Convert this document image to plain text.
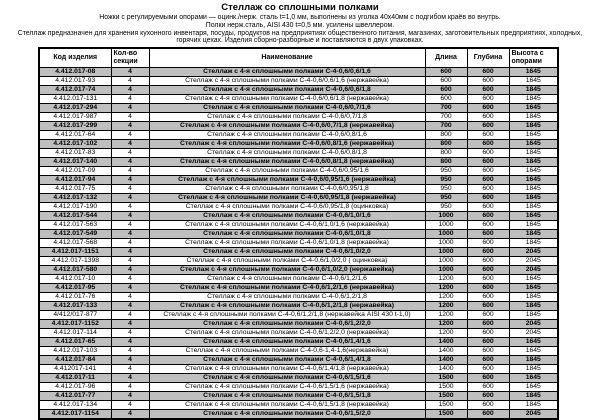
Стеллаж со сплошными полками
Ножки с регулируемыми опорами — оцинк./нерж. сталь t=1,0 мм, выполнены из уголка 40х40мм с подгибом краёв во внутрь.
Полки нерж.сталь, AISI 430 t=0,5 мм. усилены швеллером.
Стеллаж предназначен для хранения кухонного инвентаря, посуды, продуктов на предприятиях общественного питания, магазинах, заготовительных предприятиях, холодных,
горячих цехах. Изделия сборно-разборные и поставляются в двух упаковках.
Код изделия	Кол-во секции	Наименование	Длина	Глубина	Высота с опорами
4.412.017-08	4	Стеллаж с 4-я сплошными полками С-4-0,6/0,6/1,6	600	600	1645
4.412.017-93	4	Стеллаж с 4-я сплошными полками С-4-0,6/0,6/1,6 (нержавейка)	600	600	1645
4.412.017-74	4	Стеллаж с 4-я сплошными полками С-4-0,6/0,6/1,8	600	600	1845
4.412.017-131	4	Стеллаж с 4-я сплошными полками С-4-0,6/0,6/1,8 (нержавейка)	600	600	1845
4.412.017-294	4	Стеллаж с 4-я сплошными полками С-4-0,6/0,7/1,6	700	600	1645
4.412.017-987	4	Стеллаж с 4-я сплошными полками С-4-0,6/0,7/1,8	700	600	1845
4.412.017-299	4	Стеллаж с 4-я сплошными полками С-4-0,6/0,7/1,8 (нержавейка)	700	600	1845
4.412.017-64	4	Стеллаж с 4-я сплошными полками С-4-0,6/0,8/1,6	800	600	1645
4.412.017-102	4	Стеллаж с 4-я сплошными полками С-4-0,6/0,8/1,6 (нержавейка)	800	600	1645
4.412.017-83	4	Стеллаж с 4-я сплошными полками С-4-0,6/0,8/1,8	800	600	1845
4.412.017-140	4	Стеллаж с 4-я сплошными полками С-4-0,6/0,8/1,8 (нержавейка)	800	600	1845
4.412.017-09	4	Стеллаж с 4-я сплошными полками С-4-0,6/0,95/1,6	950	600	1645
4.412.017-94	4	Стеллаж с 4-я сплошными полками С-4-0,6/0,95/1,6 (нержавейка)	950	600	1645
4.412.017-75	4	Стеллаж с 4-я сплошными полками С-4-0,6/0,95/1,8	950	600	1845
4.412.017-132	4	Стеллаж с 4-я сплошными полками С-4-0,6/0,95/1,8 (нержавейка)	950	600	1845
4.412.017-190	4	Стеллаж с 4-я сплошными полками С-4-0,6/0,95/1,8 (оцинковка)	950	600	1845
4.412.017-544	4	Стеллаж с 4-я сплошными полками С-4-0,6/1,0/1,6	1000	600	1645
4.412.017-563	4	Стеллаж с 4-я сплошными полками С-4-0,6/1,0/1,6 (нержавейка)	1000	600	1645
4.412.017-549	4	Стеллаж с 4-я сплошными полками С-4-0,6/1,0/1,8	1000	600	1845
4.412.017-568	4	Стеллаж с 4-я сплошными полками С-4-0,6/1,0/1,8 (нержавейка)	1000	600	1845
4.412.017-1151	4	Стеллаж с 4-я сплошными полками С-4-0,6/1,0/2,0	1000	600	2045
4.412.017-1398	4	Стеллаж с 4-я сплошными полками С-4-0,6/1,0/2,0 ( оцинковка)	1000	600	2045
4.412.017-580	4	Стеллаж с 4-я сплошными полками С-4-0,6/1,0/2,0 (нержавейка)	1000	600	2045
4.412.017-10	4	Стеллаж с 4-я сплошными полками С-4-0,6/1,2/1,6	1200	600	1645
4.412.017-95	4	Стеллаж с 4-я сплошными полками С-4-0,6/1,2/1,6 (нержавейка)	1200	600	1645
4.412.017-76	4	Стеллаж с 4-я сплошными полками С-4-0,6/1,2/1,8	1200	600	1845
4.412.017-133	4	Стеллаж с 4-я сплошными полками С-4-0,6/1,2/1,8 (нержавейка)	1200	600	1845
4/412/017-877	4	Стеллаж с 4-я сплошными полками С-4-0,6/1,2/1,8 (нержавейка AISI 430 t-1,0)	1200	600	1845
4.412.017-1152	4	Стеллаж с 4-я сплошными полками С-4-0,6/1,2/2,0	1200	600	2045
4.412.017-114	4	Стеллаж с 4-я сплошными полками С-4-0,6/1,2/2,0 (нержавейка)	1200	600	2045
4.412.017-65	4	Стеллаж с 4-я сплошными полками С-4-0,6/1,4/1,6	1400	600	1645
4.412.017-103	4	Стеллаж с 4-я сплошными полками С-4-0,6-1,4-1,6(нержавейка)	1400	600	1645
4.412.017-84	4	Стеллаж с 4-я сплошными полками С-4-0,6/1,4/1,8	1400	600	1845
4.412017-141	4	Стеллаж с 4-я сплошными полками С-4-0,6/1,4/1,8 (нержавейка)	1400	600	1845
4.412.017-11	4	Стеллаж с 4-я сплошными полками С-4-0,6/1,5/1,6	1500	600	1645
4.412.017-96	4	Стеллаж с 4-я сплошными полками С-4-0,6/1,5/1,6 (нержавейка)	1500	600	1645
4.412.017-77	4	Стеллаж с 4-я сплошными полками С-4-0,6/1,5/1,8	1500	600	1845
4.412.017-134	4	Стеллаж с 4-я сплошными полками С-4-0,6/1,5/1,8 (нержавейка)	1500	600	1845
4.412.017-1154	4	Стеллаж с 4-я сплошными полками С-4-0,6/1,5/2,0	1500	600	2045
